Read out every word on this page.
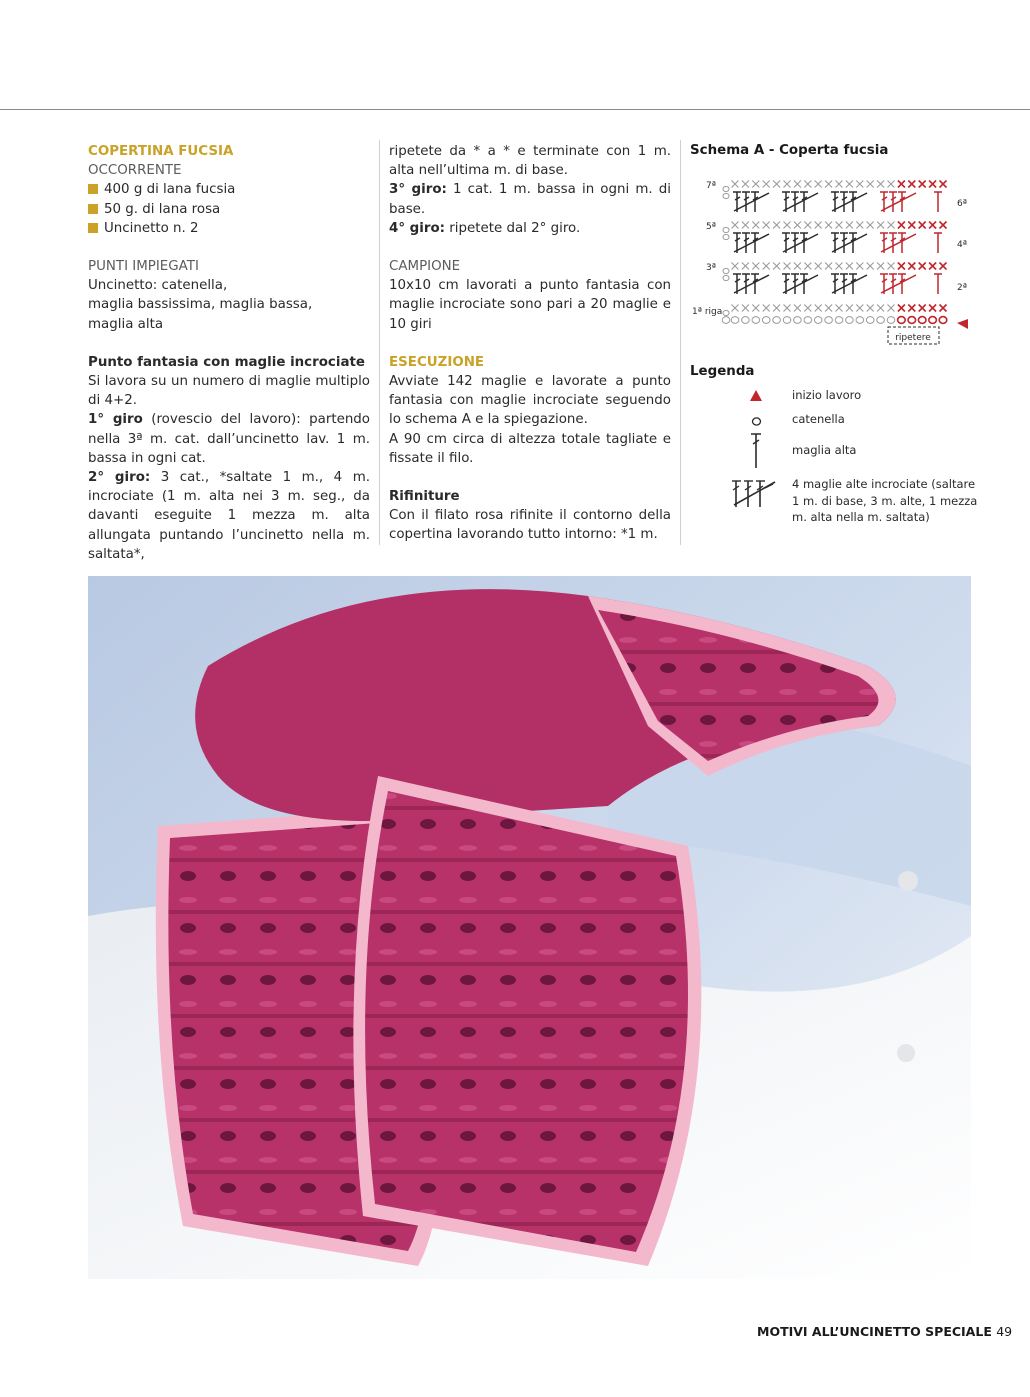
COPERTINA FUCSIA

OCCORRENTE

400 g di lana fucsia

50 g. di lana rosa

Uncinetto n. 2

PUNTI IMPIEGATI

Uncinetto: catenella,

maglia bassissima, maglia bassa,

maglia alta

Punto fantasia con maglie incrociate

Si lavora su un numero di maglie multiplo di 4+2.

1° giro (rovescio del lavoro): partendo nella 3ª m. cat. dall’uncinetto lav. 1 m. bassa in ogni cat.

2° giro: 3 cat., *saltate 1 m., 4 m. incrociate (1 m. alta nei 3 m. seg., da davanti eseguite 1 mezza m. alta allungata puntando l’uncinetto nella m. saltata*,

ripetete da * a * e terminate con 1 m. alta nell’ultima m. di base.

3° giro: 1 cat. 1 m. bassa in ogni m. di base.

4° giro: ripetete dal 2° giro.

CAMPIONE

10x10 cm lavorati a punto fantasia con maglie incrociate sono pari a 20 maglie e 10 giri

ESECUZIONE

Avviate 142 maglie e lavorate a punto fantasia con maglie incrociate seguendo lo schema A e la spiegazione.

A 90 cm circa di altezza totale tagliate e fissate il filo.

Rifiniture

Con il filato rosa rifinite il contorno della copertina lavorando tutto intorno: *1 m.

Schema A - Coperta fucsia
7ª
5ª
3ª
1ª riga
6ª
4ª
2ª
ripetere
Legenda
inizio lavoro
catenella
maglia alta
4 maglie alte incrociate (saltare 1 m. di base, 3 m. alte, 1 mezza m. alta nella m. saltata)
MOTIVI ALL’UNCINETTO SPECIALE 49
